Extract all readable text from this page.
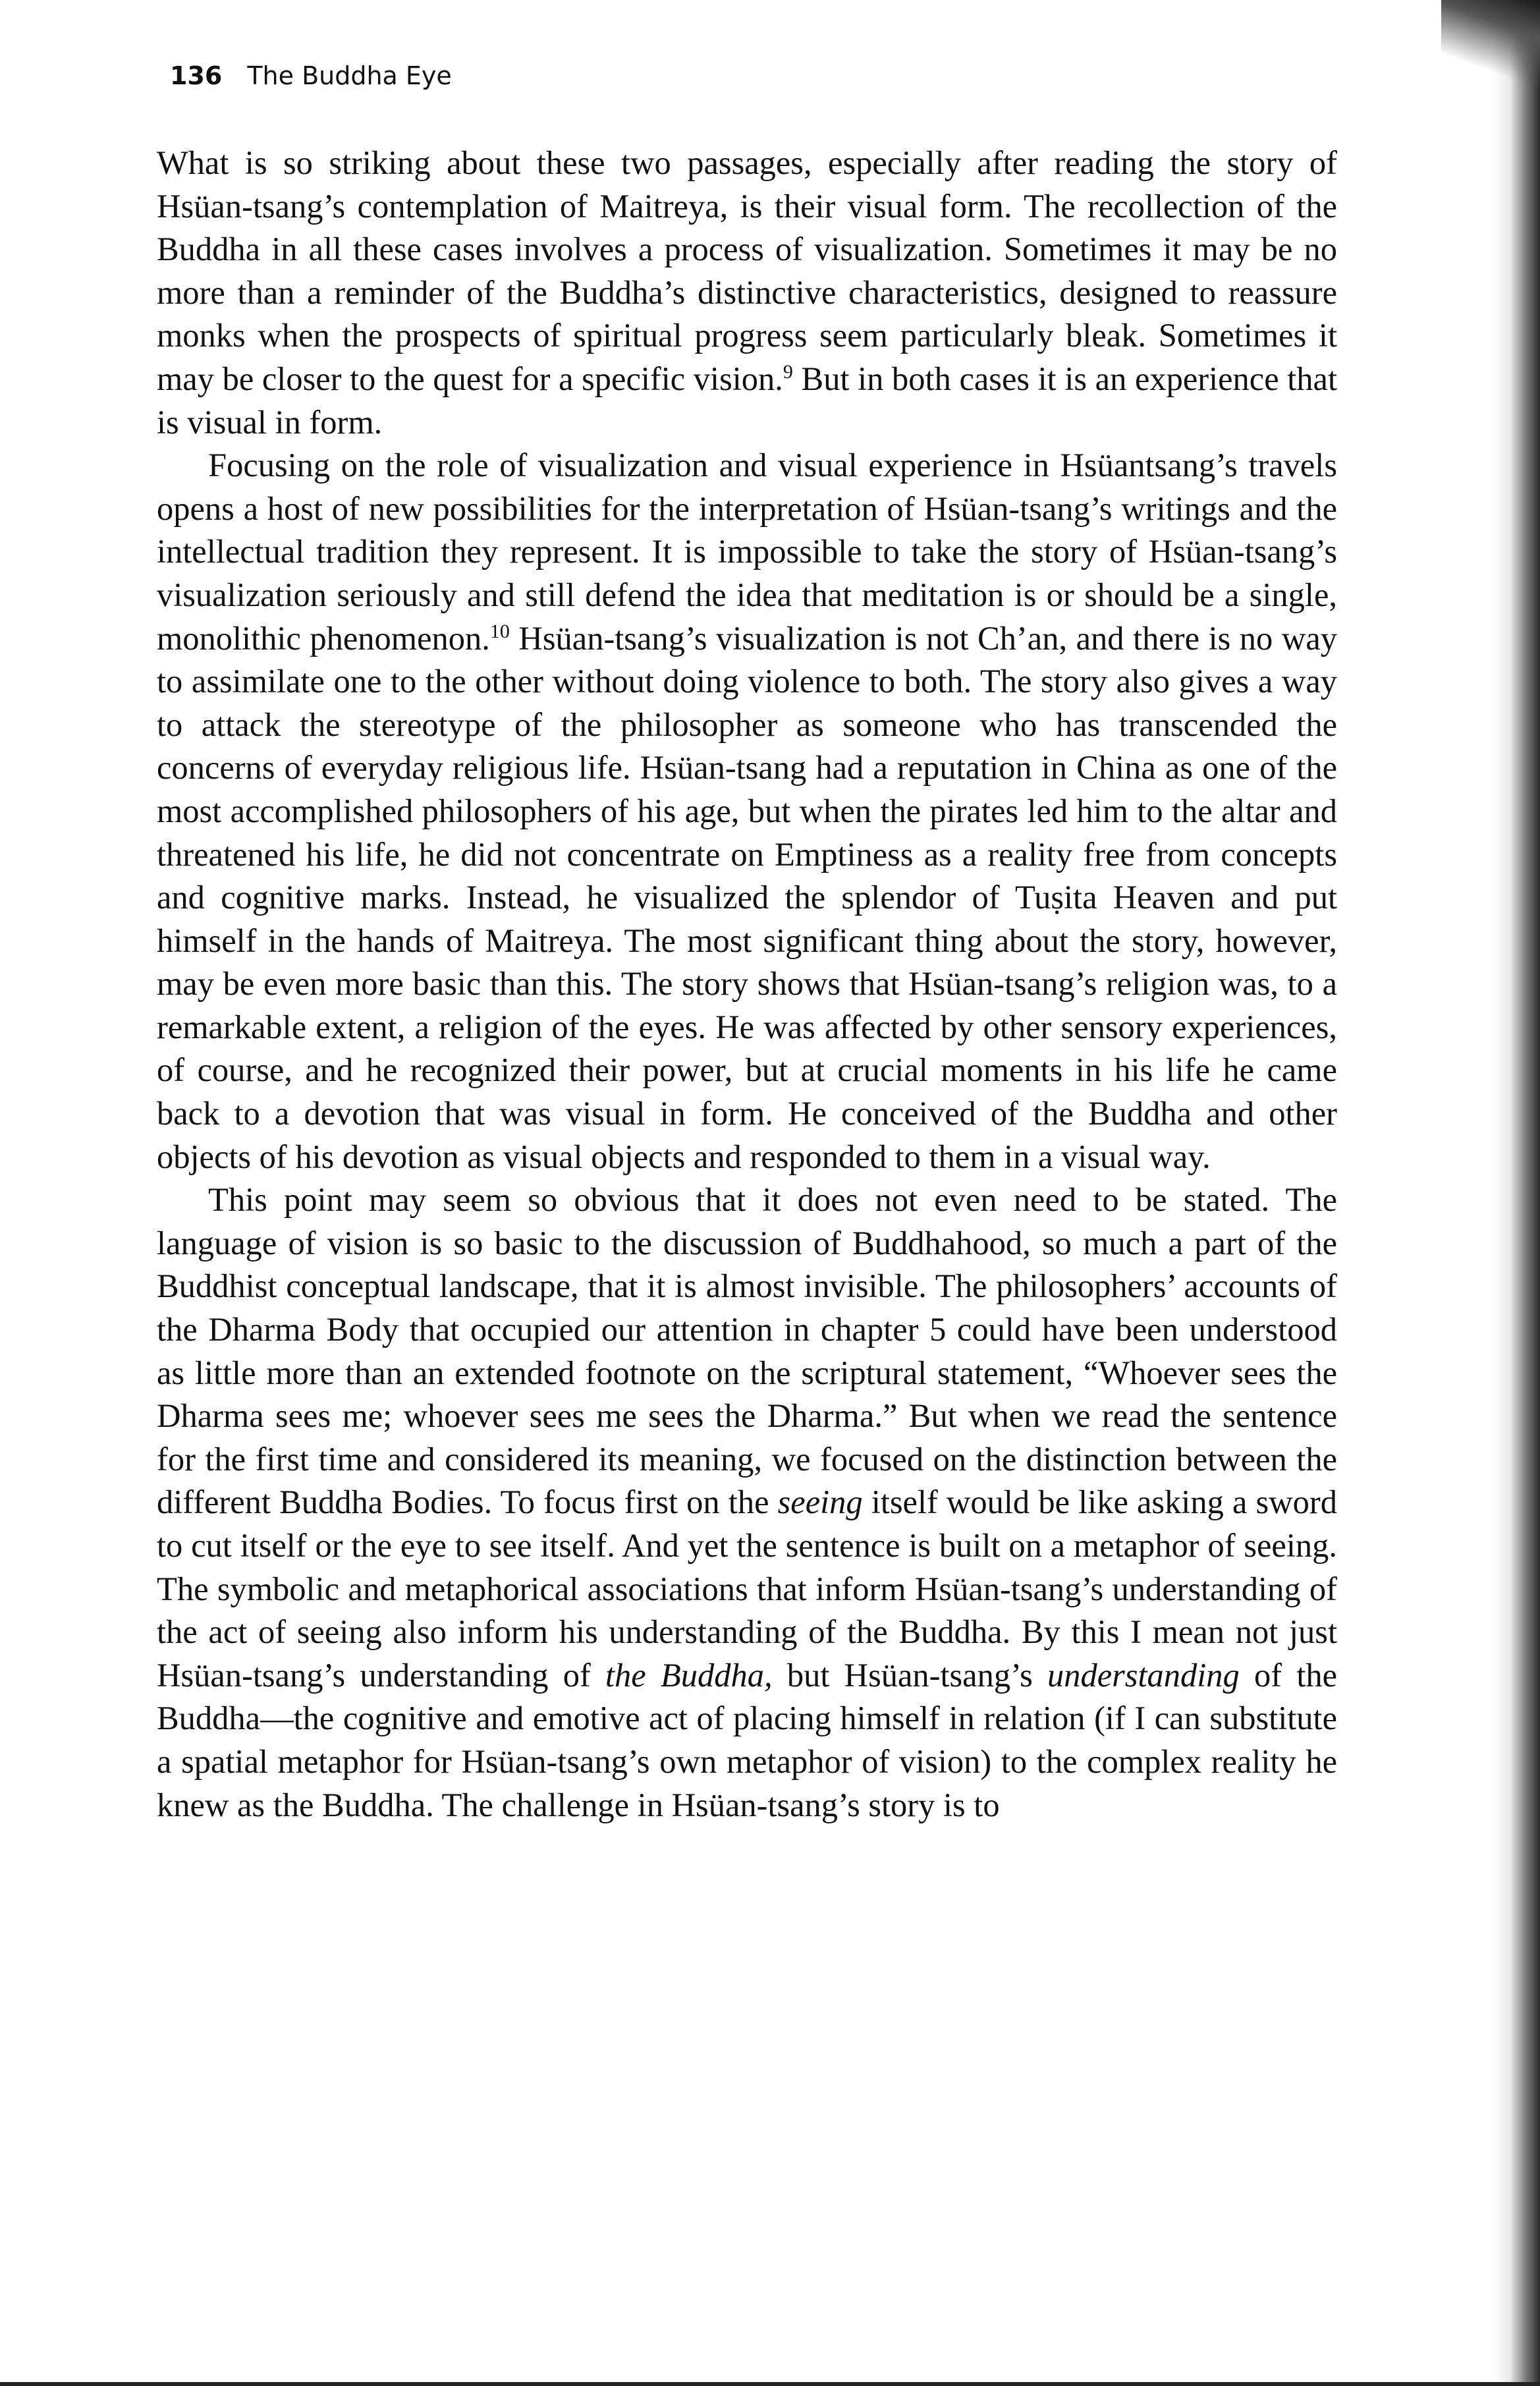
136 The Buddha Eye

What is so striking about these two passages, especially after reading the story of Hsüan-tsang’s contemplation of Maitreya, is their visual form. The recollection of the Buddha in all these cases involves a process of visualization. Sometimes it may be no more than a reminder of the Buddha’s distinctive characteristics, designed to reassure monks when the prospects of spiritual progress seem particularly bleak. Sometimes it may be closer to the quest for a specific vision.$^9$ But in both cases it is an experience that is visual in form.

Focusing on the role of visualization and visual experience in Hsüantsang’s travels opens a host of new possibilities for the interpretation of Hsüan-tsang’s writings and the intellectual tradition they represent. It is impossible to take the story of Hsüan-tsang’s visualization seriously and still defend the idea that meditation is or should be a single, monolithic phenomenon.$^{10}$ Hsüan-tsang’s visualization is not Ch’an, and there is no way to assimilate one to the other without doing violence to both. The story also gives a way to attack the stereotype of the philosopher as someone who has transcended the concerns of everyday religious life. Hsüan-tsang had a reputation in China as one of the most accomplished philosophers of his age, but when the pirates led him to the altar and threatened his life, he did not concentrate on Emptiness as a reality free from concepts and cognitive marks. Instead, he visualized the splendor of Tuṣita Heaven and put himself in the hands of Maitreya. The most significant thing about the story, however, may be even more basic than this. The story shows that Hsüan-tsang’s religion was, to a remarkable extent, a religion of the eyes. He was affected by other sensory experiences, of course, and he recognized their power, but at crucial moments in his life he came back to a devotion that was visual in form. He conceived of the Buddha and other objects of his devotion as visual objects and responded to them in a visual way.

This point may seem so obvious that it does not even need to be stated. The language of vision is so basic to the discussion of Buddhahood, so much a part of the Buddhist conceptual landscape, that it is almost invisible. The philosophers’ accounts of the Dharma Body that occupied our attention in chapter 5 could have been understood as little more than an extended footnote on the scriptural statement, “Whoever sees the Dharma sees me; whoever sees me sees the Dharma.” But when we read the sentence for the first time and considered its meaning, we focused on the distinction between the different Buddha Bodies. To focus first on the seeing itself would be like asking a sword to cut itself or the eye to see itself. And yet the sentence is built on a metaphor of seeing. The symbolic and metaphorical associations that inform Hsüan-tsang’s understanding of the act of seeing also inform his understanding of the Buddha. By this I mean not just Hsüan-tsang’s understanding of the Buddha, but Hsüan-tsang’s understanding of the Buddha—the cognitive and emotive act of placing himself in relation (if I can substitute a spatial metaphor for Hsüan-tsang’s own metaphor of vision) to the complex reality he knew as the Buddha. The challenge in Hsüan-tsang’s story is to
